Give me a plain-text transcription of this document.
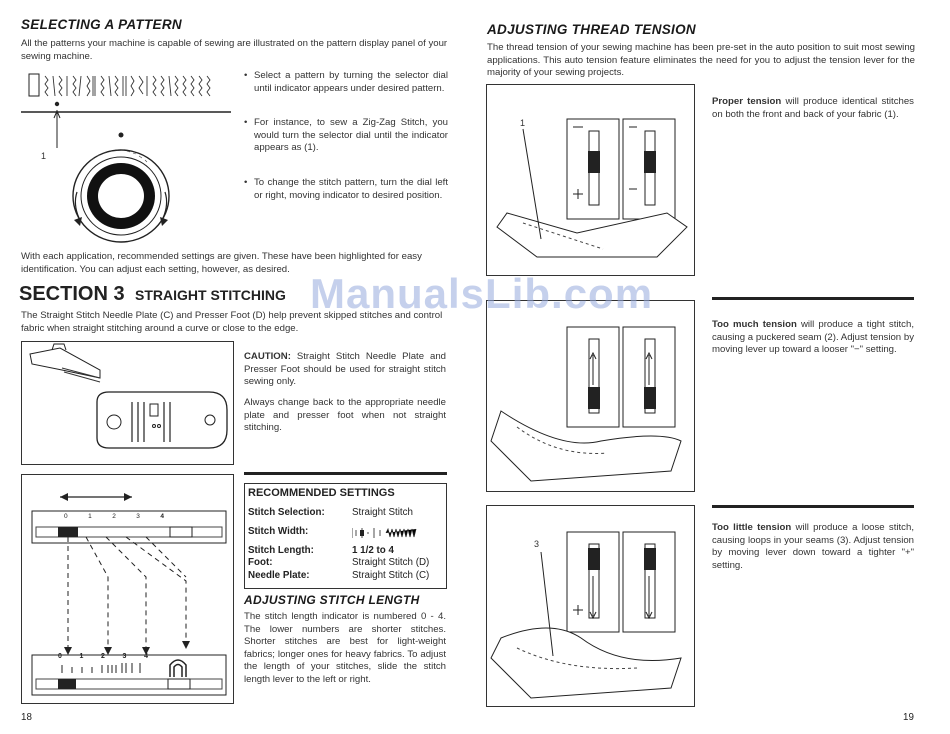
SELECTING A PATTERN
All the patterns your machine is capable of sewing are illustrated on the pattern display panel of your sewing machine.
1
• Select a pattern by turning the selector dial until indicator appears under desired pattern.
• For instance, to sew a Zig-Zag Stitch, you would turn the selector dial until the indicator appears as (1).
• To change the stitch pattern, turn the dial left or right, moving indicator to desired position.
With each application, recommended settings are given. These have been highlighted for easy identification. You can adjust each setting, however, as desired.
SECTION 3 STRAIGHT STITCHING
The Straight Stitch Needle Plate (C) and Presser Foot (D) help prevent skipped stitches and control fabric when straight stitching around a curve or close to the edge.
CAUTION: Straight Stitch Needle Plate and Presser Foot should be used for straight stitch sewing only.
Always change back to the appropriate needle plate and presser foot when not straight stitching.
0	1	2	3	4
0	1	2	3	4
RECOMMENDED SETTINGS
Stitch Selection:	Straight Stitch
Stitch Width:
Stitch Length:	1 1/2 to 4
Foot:	Straight Stitch (D)
Needle Plate:	Straight Stitch (C)
ADJUSTING STITCH LENGTH
The stitch length indicator is numbered 0 - 4. The lower numbers are shorter stitches. Shorter stitches are best for light-weight fabrics; longer ones for heavy fabrics. To adjust the length of your stitches, slide the stitch length lever to the left or right.
18
ADJUSTING THREAD TENSION
The thread tension of your sewing machine has been pre-set in the auto position to suit most sewing applications. This auto tension feature eliminates the need for you to adjust the tension lever for the majority of your sewing projects.
1
Proper tension will produce identical stitches on both the front and back of your fabric (1).
Too much tension will produce a tight stitch, causing a puckered seam (2). Adjust tension by moving lever up toward a looser "−" setting.
3
Too little tension will produce a loose stitch, causing loops in your seams (3). Adjust tension by moving lever down toward a tighter "+" setting.
19
ManualsLib.com
